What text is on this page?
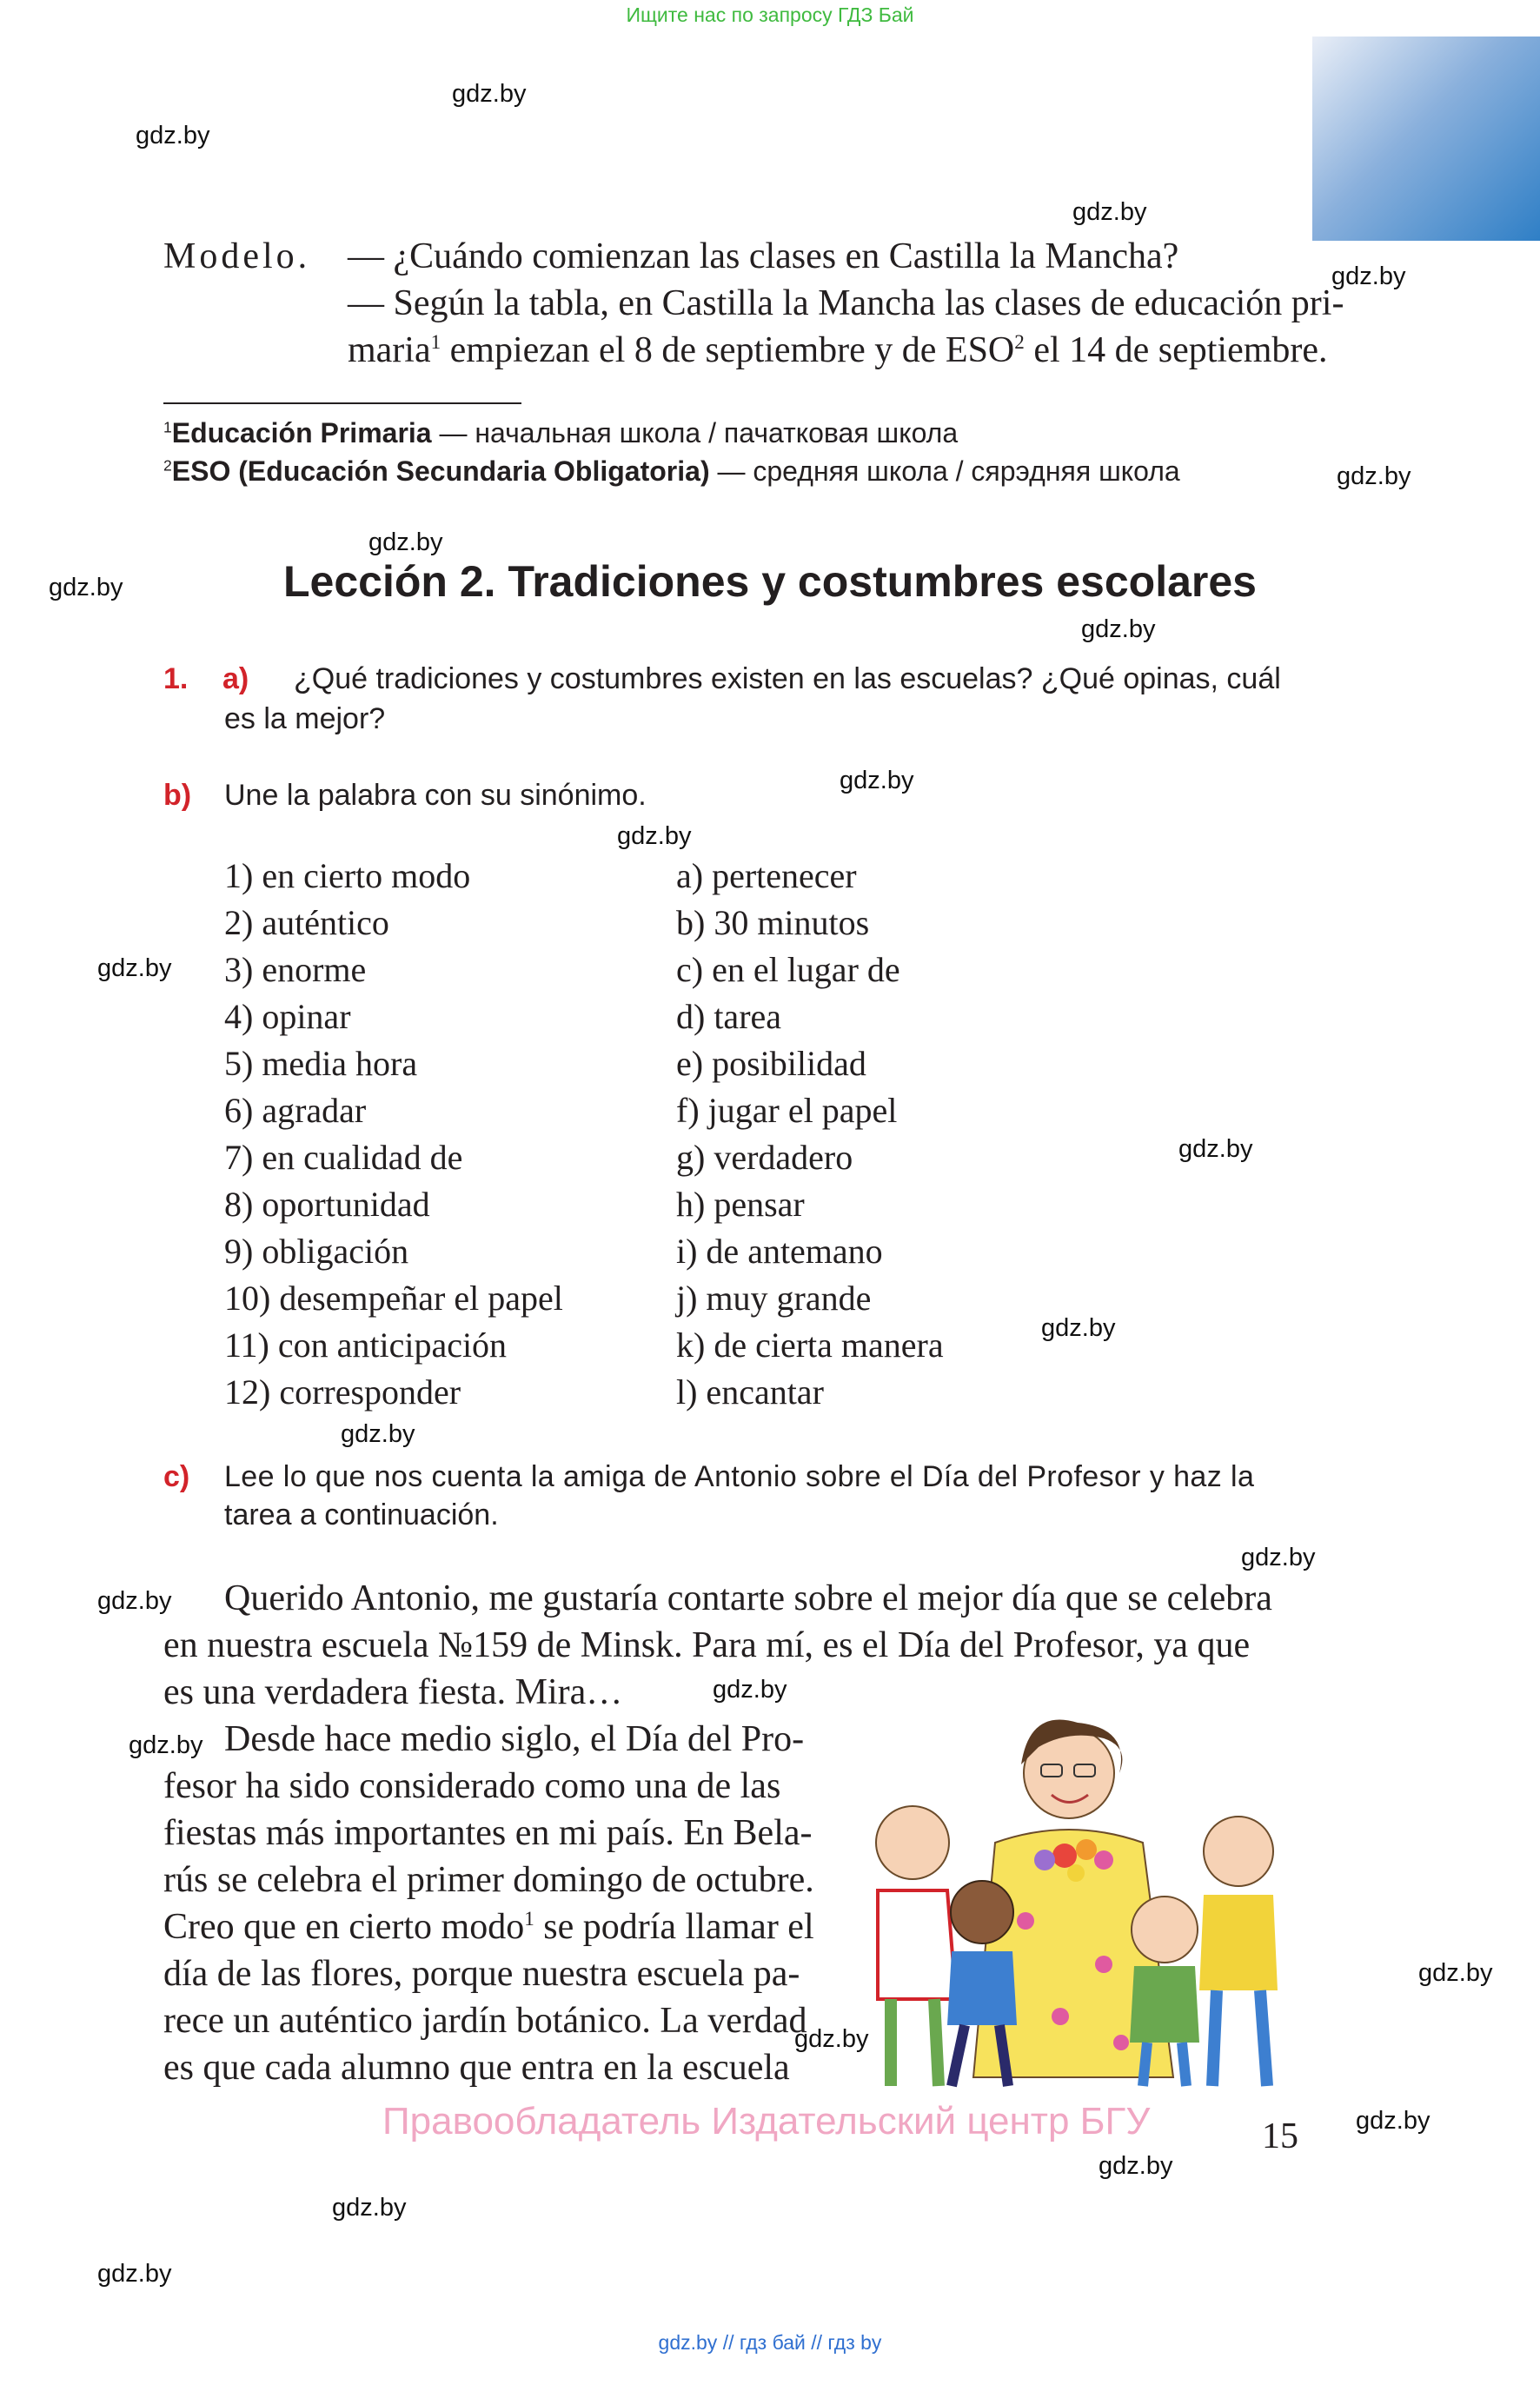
Ищите нас по запросу ГДЗ Бай
gdz.by
gdz.by
gdz.by
gdz.by
gdz.by
gdz.by
gdz.by
gdz.by
gdz.by
gdz.by
gdz.by
gdz.by
gdz.by
gdz.by
gdz.by
gdz.by
gdz.by
gdz.by
gdz.by
gdz.by
gdz.by
gdz.by
gdz.by
gdz.by
Modelo. — ¿Cuándo comienzan las clases en Castilla la Mancha?
— Según la tabla, en Castilla la Mancha las clases de educación pri-
maria$^1$ empiezan el 8 de septiembre y de ESO$^2$ el 14 de septiembre.
$^1$Educación Primaria — начальная школа / пачатковая школа
$^2$ESO (Educación Secundaria Obligatoria) — средняя школа / сярэдняя школа
Lección 2. Tradiciones y costumbres escolares
1. a) ¿Qué tradiciones y costumbres existen en las escuelas? ¿Qué opinas, cuál
es la mejor?
b) Une la palabra con su sinónimo.
1) en cierto modo
2) auténtico
3) enorme
4) opinar
5) media hora
6) agradar
7) en cualidad de
8) oportunidad
9) obligación
10) desempeñar el papel
11) con anticipación
12) corresponder
a) pertenecer
b) 30 minutos
c) en el lugar de
d) tarea
e) posibilidad
f) jugar el papel
g) verdadero
h) pensar
i) de antemano
j) muy grande
k) de cierta manera
l) encantar
c) Lee lo que nos cuenta la amiga de Antonio sobre el Día del Profesor y haz la
tarea a continuación.
Querido Antonio, me gustaría contarte sobre el mejor día que se celebra
en nuestra escuela №159 de Minsk. Para mí, es el Día del Profesor, ya que
es una verdadera fiesta. Mira…
Desde hace medio siglo, el Día del Pro-
fesor ha sido considerado como una de las
fiestas más importantes en mi país. En Bela-
rús se celebra el primer domingo de octubre.
Creo que en cierto modo$^1$ se podría llamar el
día de las flores, porque nuestra escuela pa-
rece un auténtico jardín botánico. La verdad
es que cada alumno que entra en la escuela
Правообладатель Издательский центр БГУ	15
gdz.by // гдз бай // гдз by
